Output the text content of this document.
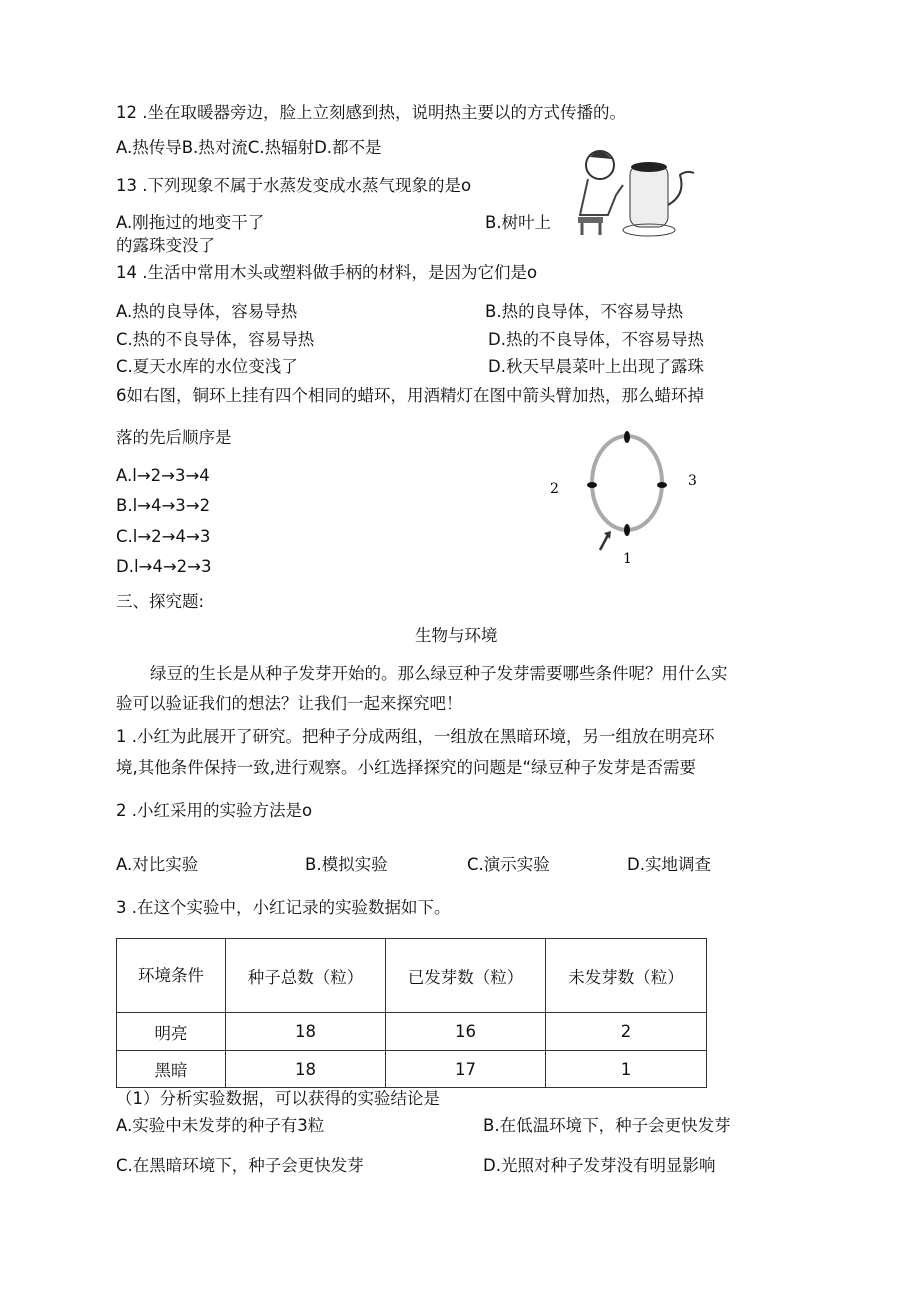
12 .坐在取暖器旁边，脸上立刻感到热，说明热主要以的方式传播的。
A.热传导B.热对流C.热辐射D.都不是
13 .下列现象不属于水蒸发变成水蒸气现象的是o
A.刚拖过的地变干了	B.树叶上
的露珠变没了
14 .生活中常用木头或塑料做手柄的材料，是因为它们是o
A.热的良导体，容易导热	B.热的良导体，不容易导热
C.热的不良导体，容易导热	D.热的不良导体，不容易导热
C.夏天水库的水位变浅了	D.秋天早晨菜叶上出现了露珠
6如右图，铜环上挂有四个相同的蜡环，用酒精灯在图中箭头臂加热，那么蜡环掉
落的先后顺序是
A.l→2→3→4
B.l→4→3→2
C.l→2→4→3
D.l→4→2→3	1
2	3
三、探究题:
生物与环境
绿豆的生长是从种子发芽开始的。那么绿豆种子发芽需要哪些条件呢？用什么实
验可以验证我们的想法？让我们一起来探究吧！
1 .小红为此展开了研究。把种子分成两组，一组放在黑暗环境，另一组放在明亮环
境,其他条件保持一致,进行观察。小红选择探究的问题是“绿豆种子发芽是否需要
2 .小红采用的实验方法是o
A.对比实验	B.模拟实验	C.演示实验	D.实地调查
3 .在这个实验中，小红记录的实验数据如下。
环境条件	种子总数（粒）	已发芽数（粒）	未发芽数（粒）
明亮	18	16	2
黑暗	18	17	1
（1）分析实验数据，可以获得的实验结论是
A.实验中未发芽的种子有3粒	B.在低温环境下，种子会更快发芽
C.在黑暗环境下，种子会更快发芽	D.光照对种子发芽没有明显影响
